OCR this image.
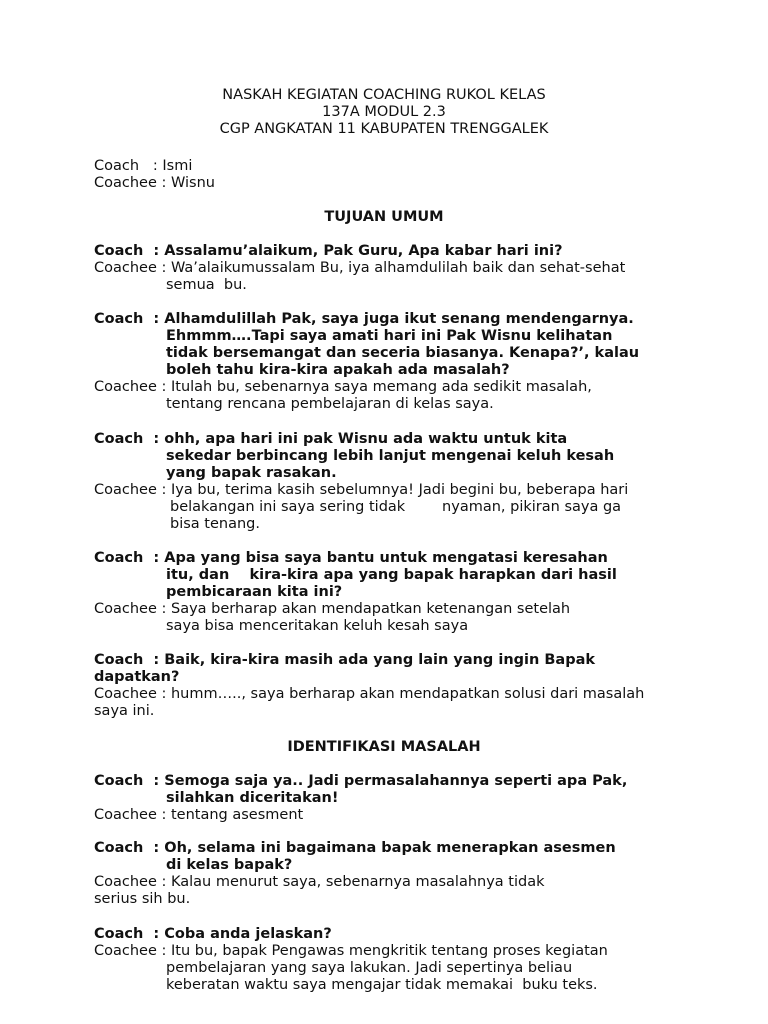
NASKAH KEGIATAN COACHING RUKOL KELAS
137A MODUL 2.3
CGP ANGKATAN 11 KABUPATEN TRENGGALEK
Coach   : Ismi
Coachee : Wisnu
TUJUAN UMUM
Coach  : Assalamu’alaikum, Pak Guru, Apa kabar hari ini?
Coachee : Wa’alaikumussalam Bu, iya alhamdulilah baik dan sehat-sehat
semua  bu.
Coach  : Alhamdulillah Pak, saya juga ikut senang mendengarnya.
Ehmmm….Tapi saya amati hari ini Pak Wisnu kelihatan
tidak bersemangat dan seceria biasanya. Kenapa?’, kalau
boleh tahu kira-kira apakah ada masalah?
Coachee : Itulah bu, sebenarnya saya memang ada sedikit masalah,
tentang rencana pembelajaran di kelas saya.
Coach  : ohh, apa hari ini pak Wisnu ada waktu untuk kita
sekedar berbincang lebih lanjut mengenai keluh kesah
yang bapak rasakan.
Coachee : Iya bu, terima kasih sebelumnya! Jadi begini bu, beberapa hari
belakangan ini saya sering tidak        nyaman, pikiran saya ga
bisa tenang.
Coach  : Apa yang bisa saya bantu untuk mengatasi keresahan
itu, dan    kira-kira apa yang bapak harapkan dari hasil
pembicaraan kita ini?
Coachee : Saya berharap akan mendapatkan ketenangan setelah
saya bisa menceritakan keluh kesah saya
Coach  : Baik, kira-kira masih ada yang lain yang ingin Bapak
dapatkan?
Coachee : humm….., saya berharap akan mendapatkan solusi dari masalah
saya ini.
IDENTIFIKASI MASALAH
Coach  : Semoga saja ya.. Jadi permasalahannya seperti apa Pak,
silahkan diceritakan!
Coachee : tentang asesment
Coach  : Oh, selama ini bagaimana bapak menerapkan asesmen
di kelas bapak?
Coachee : Kalau menurut saya, sebenarnya masalahnya tidak
serius sih bu.
Coach  : Coba anda jelaskan?
Coachee : Itu bu, bapak Pengawas mengkritik tentang proses kegiatan
pembelajaran yang saya lakukan. Jadi sepertinya beliau
keberatan waktu saya mengajar tidak memakai  buku teks.
